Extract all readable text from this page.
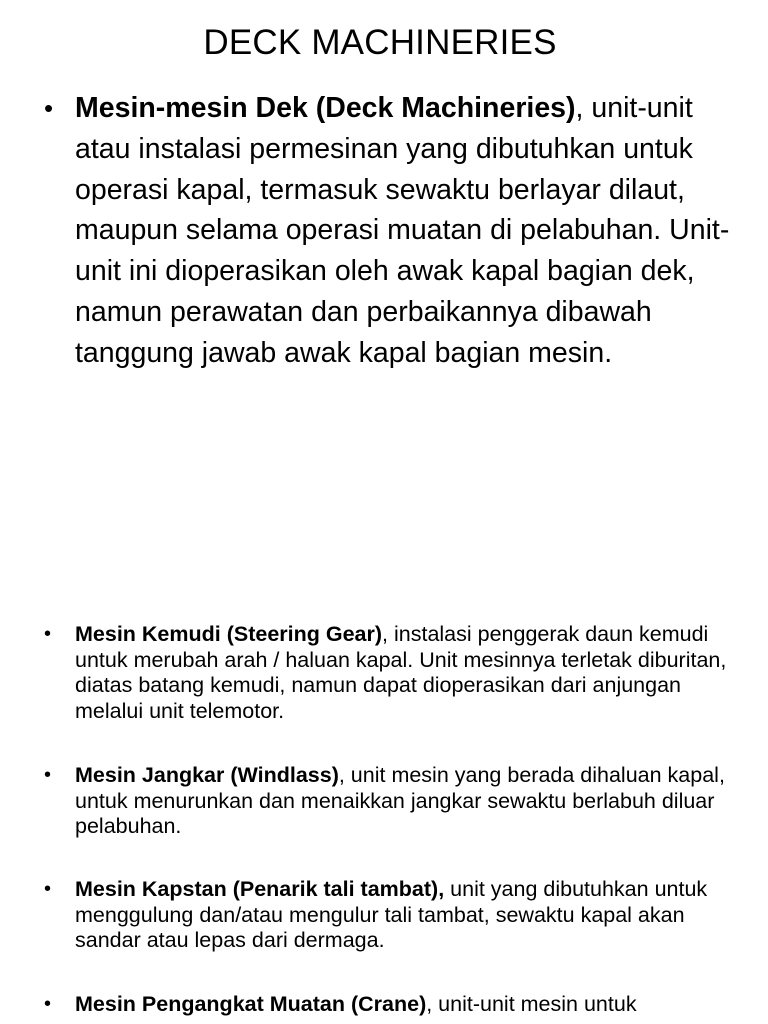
DECK MACHINERIES
• Mesin-mesin Dek (Deck Machineries), unit-unit atau instalasi permesinan yang dibutuhkan untuk operasi kapal, termasuk sewaktu berlayar dilaut, maupun selama operasi muatan di pelabuhan. Unit-unit ini dioperasikan oleh awak kapal bagian dek, namun perawatan dan perbaikannya dibawah tanggung jawab awak kapal bagian mesin.
• Mesin Kemudi (Steering Gear), instalasi penggerak daun kemudi untuk merubah arah / haluan kapal. Unit mesinnya terletak diburitan, diatas batang kemudi, namun dapat dioperasikan dari anjungan melalui unit telemotor.
• Mesin Jangkar (Windlass), unit mesin yang berada dihaluan kapal, untuk menurunkan dan menaikkan jangkar sewaktu berlabuh diluar pelabuhan.
• Mesin Kapstan (Penarik tali tambat), unit yang dibutuhkan untuk menggulung dan/atau mengulur tali tambat, sewaktu kapal akan sandar atau lepas dari dermaga.
• Mesin Pengangkat Muatan (Crane), unit-unit mesin untuk
